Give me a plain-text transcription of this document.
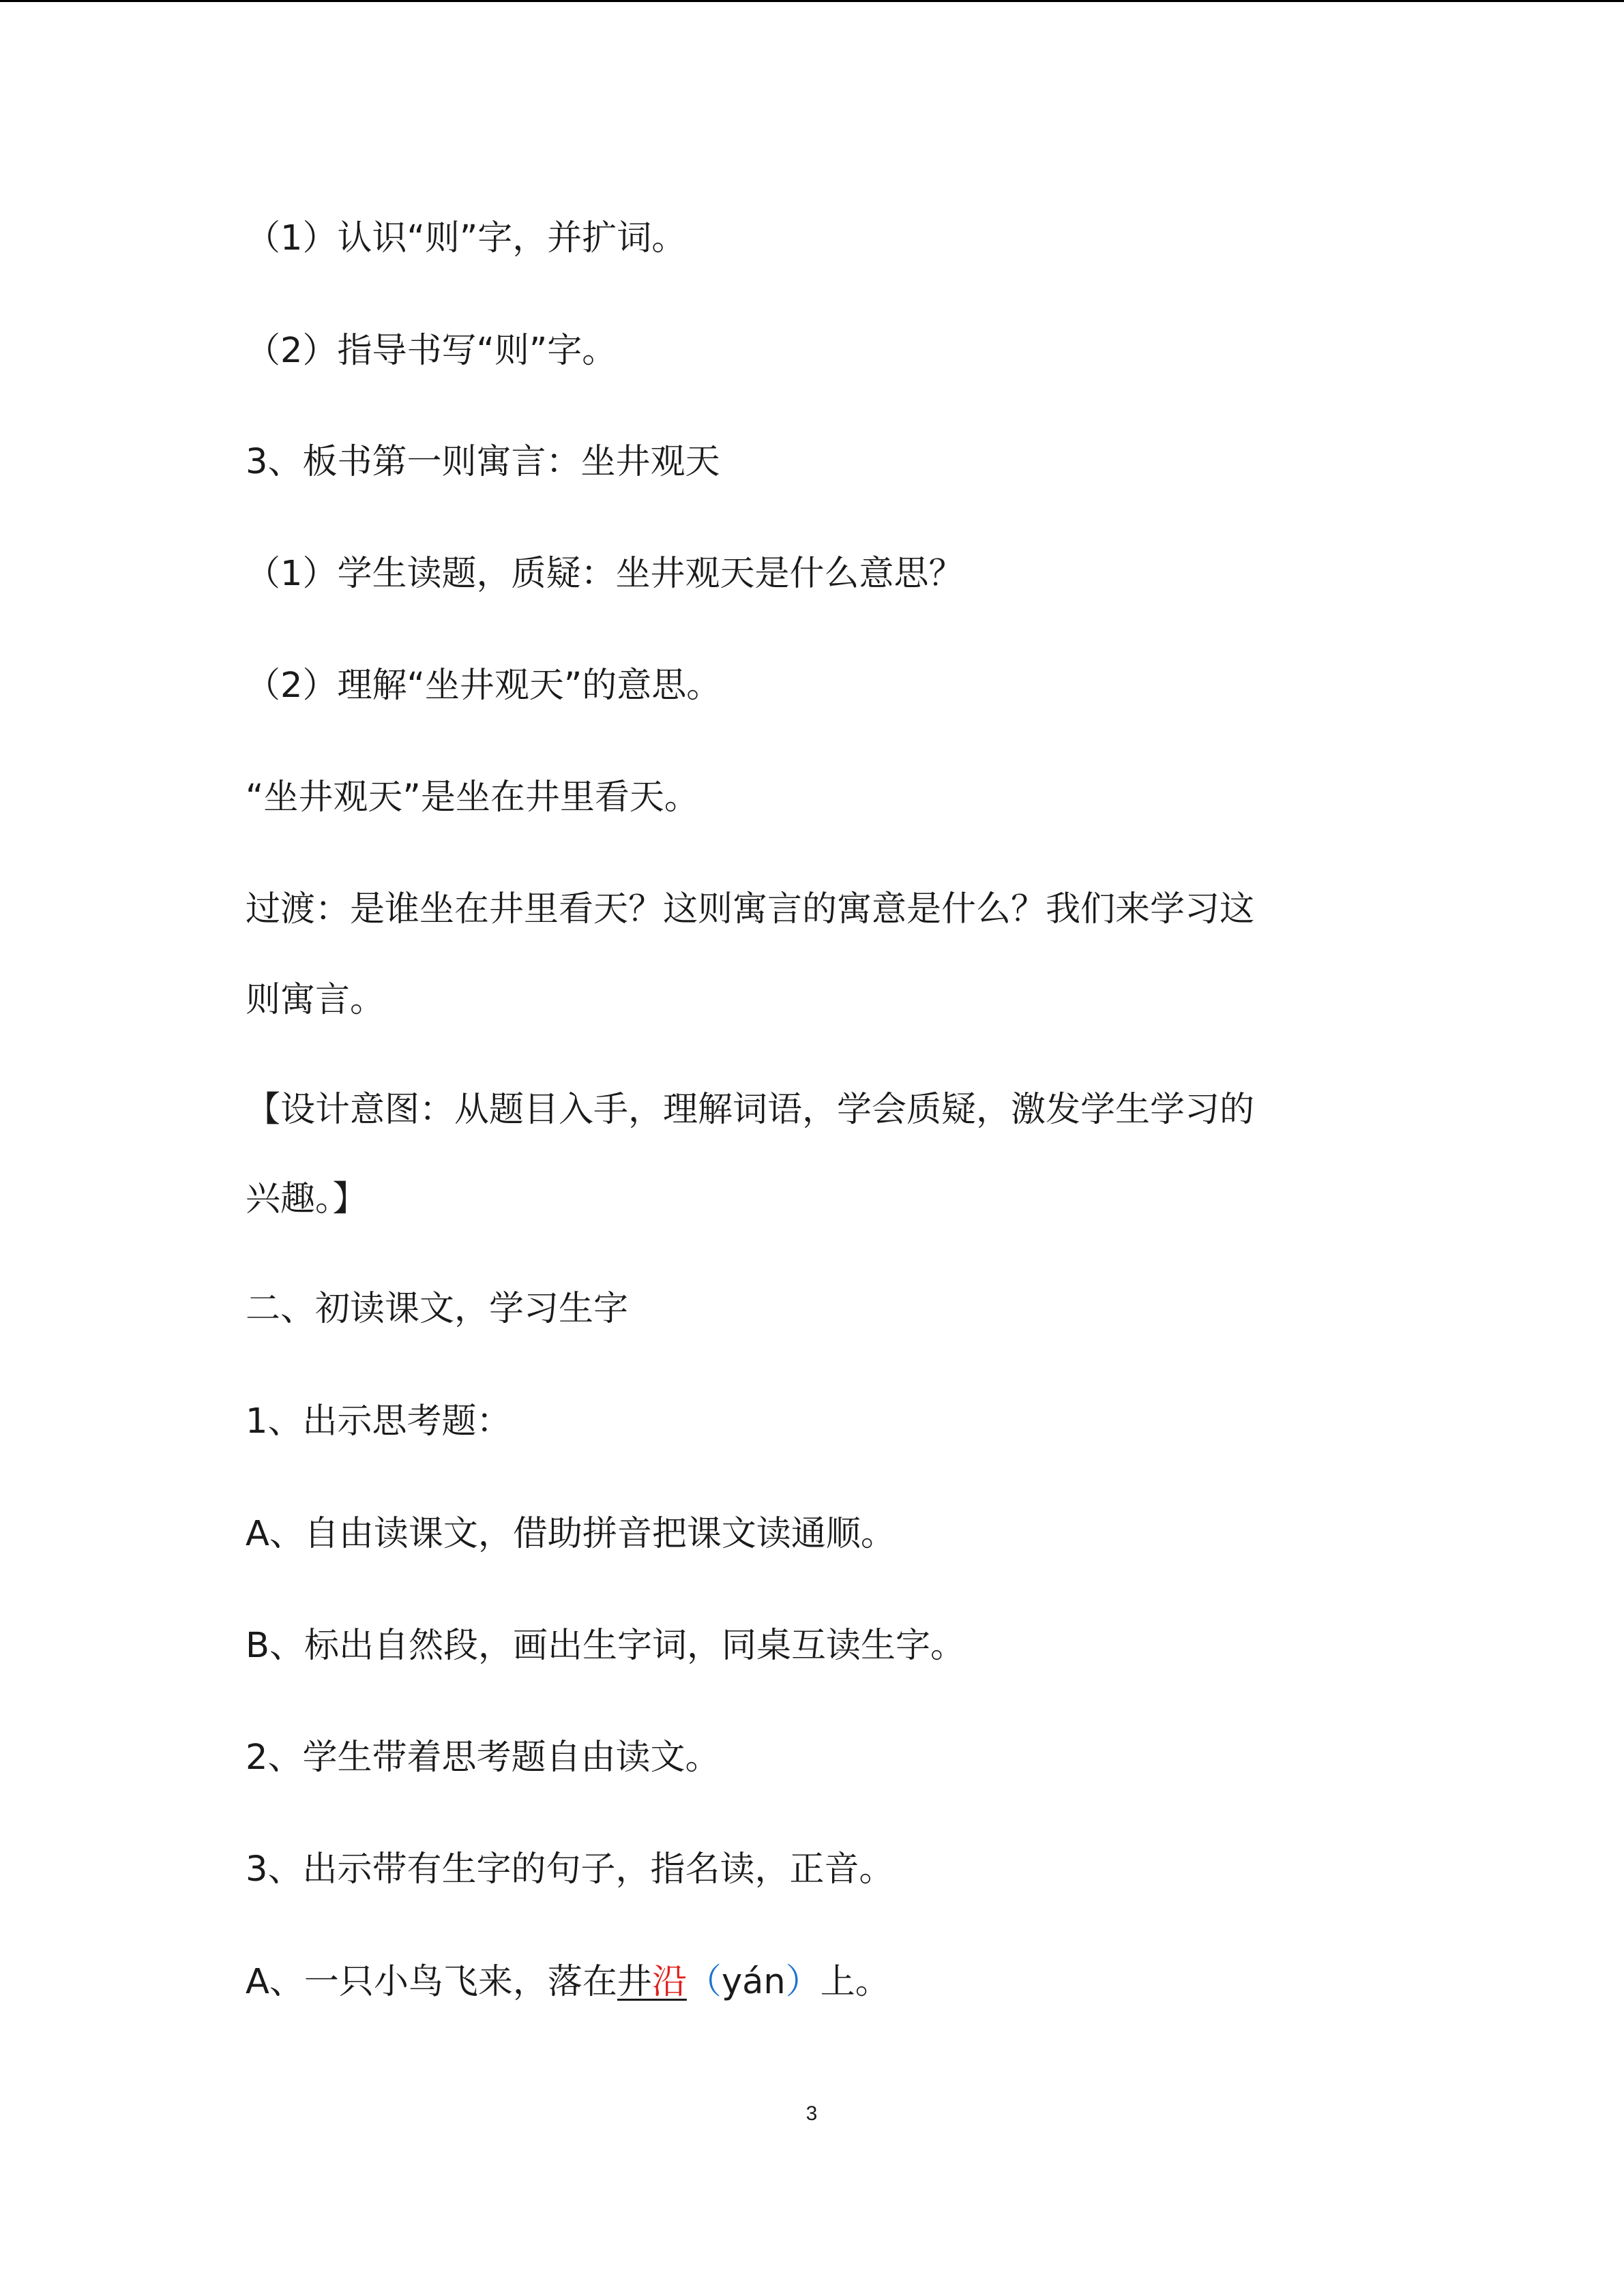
（1）认识“则”字，并扩词。
（2）指导书写“则”字。
3、板书第一则寓言：坐井观天
（1）学生读题，质疑：坐井观天是什么意思？
（2）理解“坐井观天”的意思。
“坐井观天”是坐在井里看天。
过渡：是谁坐在井里看天？这则寓言的寓意是什么？我们来学习这
则寓言。
【设计意图：从题目入手，理解词语，学会质疑，激发学生学习的
兴趣。】
二、初读课文，学习生字
1、出示思考题：
A、自由读课文，借助拼音把课文读通顺。
B、标出自然段，画出生字词，同桌互读生字。
2、学生带着思考题自由读文。
3、出示带有生字的句子，指名读，正音。
A、一只小鸟飞来，落在井沿（yán）上。
3
